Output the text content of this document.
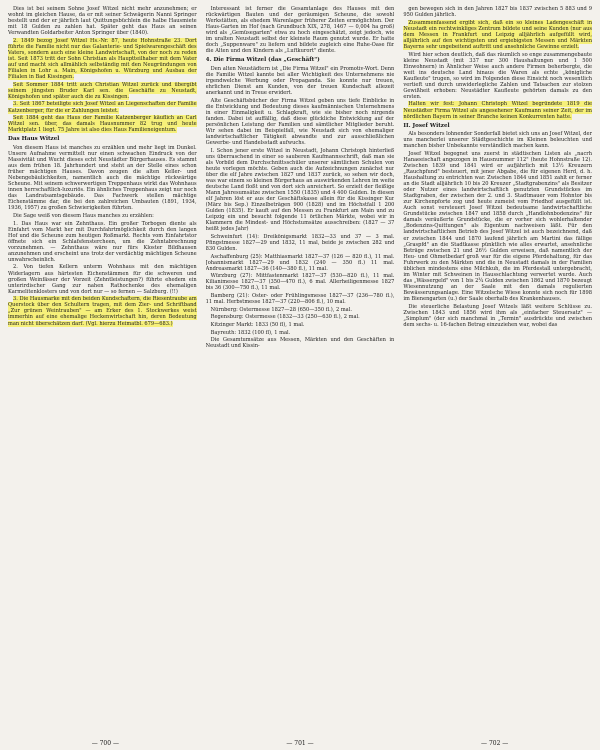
Dies ist bei seinem Sohne Josef Witzel nicht mehr anzunehmen; er wohnt im gleichen Hause, da er mit seiner Schwägerin Nanni Springer bestellt und der er jährlich laut Quittungsbüchlein die halbe Hausmiete mit 18 Gulden zu zahlen hat. Später geht das Haus an seinen Verwandten Goldarbeiter Anton Springer über (1840).

2. 1849 bezog Josef Witzel Hs.-Nr. 87, heute Hohnstraße 23. Dort führte die Familie nicht nur das Galanterie- und Spielwarengeschäft des Vaters, sondern auch eine kleine Landwirtschaft, von der noch zu reden ist. Seit 1873 tritt der Sohn Christian als Hauptteilhaber mit dem Vater auf und macht sich allmählich selbständig mit den Neugründungen von Filialen in Lohr a. Main, Königshofen u. Würzburg und Ausbau der Filialen in Bad Kissingen.

Seit Sommer 1884 tritt auch Christian Witzel zurück und übergibt seinem jüngsten Bruder Karl sen. die Geschäfte zu Neustadt, Königshofen und später auch die zu Kissingen.

3. Seit 1867 beteiligte sich Josef Witzel an Liegenschaften der Familie Katzenberger, für die er Zahlungen leistet.

Seit 1884 geht das Haus der Familie Katzenberger käuflich an Carl Witzel sen. über, das damals Hausnummer 82 trug und heute Marktplatz 1 liegt. 75 Jahre ist also dies Haus Familieneigentum.

Das Haus Witzel

Von diesem Haus ist manches zu erzählen und mehr liegt im Dunkel. Unsere Aufnahme vermittelt nur einen schwachen Eindruck von der Massivität und Wucht dieses echt Neustädter Bürgerhauses. Es stammt aus dem frühen 18. Jahrhundert und steht an der Stelle eines schon früher mächtigen Hauses. Davon zeugen die alten Keller- und Nebengebäulichkeiten, namentlich auch die mächtige rückwärtige Scheune. Mit seinem schwerwertigen Treppenhaus wirkt das Wohnhaus innen herrschaftlich-luxuriös. Ein ähnliches Treppenhaus zeigt nur noch das Landratsamtsgebäude. Das Fachwerk stellen mächtige Eichenstämme dar, die bei den zahlreichen Umbauten (1891, 1934, 1936, 1957) zu großen Schwierigkeiten führten.

Die Sage weiß von diesem Haus manches zu erzählen:

1. Das Haus war ein Zehnthaus. Ein großer Torbogen diente als Einfahrt vom Markt her mit Durchfahrtmöglichkeit durch den langen Hof und die Scheune zum heutigen Roßmarkt. Rechts vom Einfahrtstor öffnete sich ein Schlafsfenstercheen, um die Zehntabrechnung vorzunehmen. — Zehnthaus wäre nur fürs Kloster Bildhausen anzunehmen und erscheint uns trotz der verdächtig mächtigen Scheune unwahrscheinlich.

2. Von tiefen Kellern unterm Wohnhaus mit den mächtigen Widerlagern aus härtesten Eichenstämmen für die schweren und großen Weinfässer der Vorzeit (Zehntleistungen?) führte ehedem ein unterirdischer Gang zur nahen Rathochenke des ehemaligen Karmelitenklosters und von dort nur — so fernen — Salzburg. (!!)

3. Die Hausmarke mit den beiden Kundschaftern, die Riesentraube am Querstock über den Schultern tragen, mit dem Zier- und Schriftband „Zur grünen Weintrauben" — am Erker des 1. Stockwerkes weist immerhin auf eine ehemalige Heckenwirtschaft hin, deren Bedeutung man nicht überschätzen darf. (Vgl. hierzu Heimatbl. 679—683.)

Interessant ist ferner die Gesamtanlage des Hauses mit den rückwärtigen Bauten und der geräumigen Scheune, die sowohl Werkstätten, als ehedem Warenlager früherer Zeiten ermöglichten. Der Haus-Garten im Hof (nach Grundbuch XIX, 278, 1467 — 0,004 ha groß) wird als „Gemüsegarten" etwa zu hoch eingeschätzt, zeigt jedoch, wie im uralten Neustadt selbst der kleinste Raum genutzt wurde. Er hatte doch „Suppenware" zu liefern und bildete zugleich eine Ruhe-Oase für die Alten und den Kindern als „Luftkurort" diente.

4. Die Firma Witzel (das „Geschäft")

Den alten Neustädtern ist „Die Firma Witzel" ein Promotiv-Wort. Denn die Familie Witzel kannte bei aller Wichtigkeit des Unternehmens nie irgendwelche Werbung oder Propaganda. Sie konnte nur treuen, ehrlichen Dienst am Kunden, von der treuen Kundschaft allezeit anerkannt und in Treue erwidert.

Alte Geschäftsbücher der Firma Witzel geben uns tiefe Einblicke in die Entwicklung und Bedeutung dieses kaufmännischen Unternehmens in einer Einmaligkeit u. Schlagkraft, wie sie bisher noch nirgends fanden. Dabei ist auffällig, daß diese glückliche Entwicklung auf der persönlichen Leistung der Familien und sämtlicher Mitglieder beruht. Wir sehen dabei im Beispielfall, wie Neustadt sich von ehemaliger landwirtschaftlicher Tätigkeit abwandte und zur ausschließlichen Gewerbe- und Handelsstadt aufwuchs.

I. Schon jener erste Witzel in Neustadt, Johann Christoph hinterließ uns überraschend in einer so sauberen Kaufmannsschrift, daß man sie als Vorbild dem Durchschnittsschüler unserer sämtlichen Schulen von heute vorlegen möchte. Geben auch die Aufzeichnungen zunächst nur über die elf Jahre zwischen 1827 und 1837 zurück, so sehen wir doch, was war einem so kleinen Bürgerhaus an auswirkenden Lehren im weite deutsche Land floßt und von dort sich anreichert. So erzielt der fleißige Mann Jahresumsätze zwischen 1550 (1835) und 4 400 Gulden. In diesen elf Jahren löst er aus der Geschäftskasse allein für die Kissinger Kur (März bis Sep.) Einzelbeträgen 900 (1828) und im Höchstfall 1 200 Gulden (1835). Er kauft auf den Messen zu Frankfurt am Main und zu Leipzig ein und besucht folgende 11 örtlichen Märkte, wobei wir in Klammern die Mindest- und Höchstumsätze ausschreiben: (1827 — 37 heißt jedes Jahr)

Schweinfurt (14): Dreikönigsmarkt 1832—33 und 37 — 3 mal. Pfingstmesse 1827—29 und 1832, 11 mal, beide je zwischen 282 und 830 Gulden.

Aschaffenburg (25): Matthiasmarkt 1827—37 (126 — 820 fl.), 11 mal. Johannismarkt 1827—29 und 1832 (240 — 350 fl.) 11 mal. Andreasmarkt 1827—36 (140—380 fl.), 11 mal.

Würzburg (27): Mittfastenmarkt 1827—37 (530—820 fl.), 11 mal. Kilianimesse 1827—37 (350—470 fl.), 6 mal. Allerheiligenmesse 1827 bis 36 (300—750 fl.), 11 mal.

Bamberg (21): Oster- oder Frühlingsmesse 1827—37 (236—780 fl.), 11 mal. Herbstmesse 1827—37 (220—806 fl.), 10 mal.

Nürnberg: Ostermesse 1827—28 (650—350 fl.), 2 mal.

Regensburg: Ostermesse (1832—33 (250—630 fl.), 2 mal.

Kitzinger Markt: 1833 (50 fl), 1 mal.

Bayreuth: 1832 (100 fl), 1 mal.

Die Gesamtumsätze aus Messen, Märkten und den Geschäften in Neustadt und Kissin-

gen bewegen sich in den Jahren 1827 bis 1837 zwischen 5 883 und 9 950 Gulden jährlich.

Zusammenfassend ergibt sich, daß ein so kleines Ladengeschäft in Neustadt ein rechtwinkliges Zentrum bildete und seine Kunden (nur aus dem Messen in Frankfurt und Leipzig alljährlich aufgefüllt wird, alljährlich auf den wichtigsten und ergiebigsten Messen und Märkten Bayerns sehr ungebeitend auftritt und ansehnliche Gewinne erzielt.

Wird hier schon deutlich, daß das räumlich so enge zusammengebaute kleine Neustadt (mit 337 nur 300 Haushaltungen und 1 500 Einwohnern) in Ähnlicher Weise auch andere Firmen beherbergte, die weit ins deutsche Land hinaus die Waren als echte „königliche Kaufleute" trugen, so wird im Folgenden diese Einsicht noch wesentlich vertieft und durch unwiderlegliche Zahlen und Tatsachen zur stolzen Gewißheit erhoben: Neustädter Kaufleute gehörten damals zu den ersten.

Halten wir fest: Johann Christoph Witzel begründete 1819 die Neustädter Firma Witzel als angesehener Kaufmann seiner Zeit, der im nördlichen Bayern in seiner Branche keinen Konkurrenten hatte.

II. Josef Witzel

Als besonders lohnender Sonderfall bietet sich uns an Josef Witzel, der uns mancherlei unserer Städtgeschichte im Kleinen beleuchten und manchen bisher Unbekannte verständlich machen kann.

Josef Witzel begegnet uns zuerst in städtischen Listen als „nacrh Hanaeeischaft angezogen in Hausnummer 112" (heute Hohnstraße 12). Zwischen 1839 und 1841 wird er aufjährlich mit 13½ Kreuzern „Rauchpfund" besteuert, mit jener Abgabe, die für eigenen Herd, d. h. Haushaltung zu entrichten war. Zwischen 1844 und 1851 zahlt er ferner an die Stadt alljährlich 10 bis 20 Kreuzer „Stadtgrabenzins" als Besitzer oder Nutzer eines landwirtschaftlich genutzten Grundstückes im Stadtgraben, der zwischen der 2. und 3. Stadtmauer vom Hohntor bis zur Kirchenpforte zog und heute zumeist vom Friedhof ausgefüllt ist. Auch sonst versteuert Josef Witzel bedeutsame landwirtschaftliche Grundstücke zwischen 1847 und 1858 durch „Handlohnbodenzins" für damals veräußerte Grundstücke, die er vorher sich wohlerhaltender „Bodenzins-Quittungen" als Eigentum nachweisen läßt. Für den landwirtschaftlichen Betrieb des Josef Witzel ist auch bezeichnend, daß er zwischen 1844 und 1870 laufend jährlich am Martini das fällige „Graspfd" an die Stadtkasse pünktlich wie alles erwartet, ansehnliche Beträge zwischen 21 und 26½ Gulden erweisen, daß namentlich der Heu- und Ohmetbedarf groß war für die eigene Pferdehaltung, für das Fuhrwerk zu den Märkten und die in Neustadt damals in der Familien üblichen mindestens eine Milchkuh, die im Pferdestall untergebracht, im Winter mit Schweinen in Hausschlachtung verwertet wurde. Auch das „Wässergeld" von 1 bis 2¾ Gulden zwischen 1862 und 1870 bezeugt Wiesennutzung an der Saale mit den damals regulierten Bewässerungsanlage. Eine Witzelsche Wiese konnte sich noch für 1898 im Bienengarten (u.) der Saale oberhalb des Krankenhauses.

Die steuerliche Belastung Josef Witzels läßt weitere Schlüsse zu. Zwischen 1843 und 1856 wird ihm als „einfacher Steuersatz" — „Simplum" (der sich manchmal in „Termin" ausdrückte und zwischen dem sechs- u. 16-fachen Betrag einzuziehen war, wobei das

— 700 —	— 701 —	— 702 —
